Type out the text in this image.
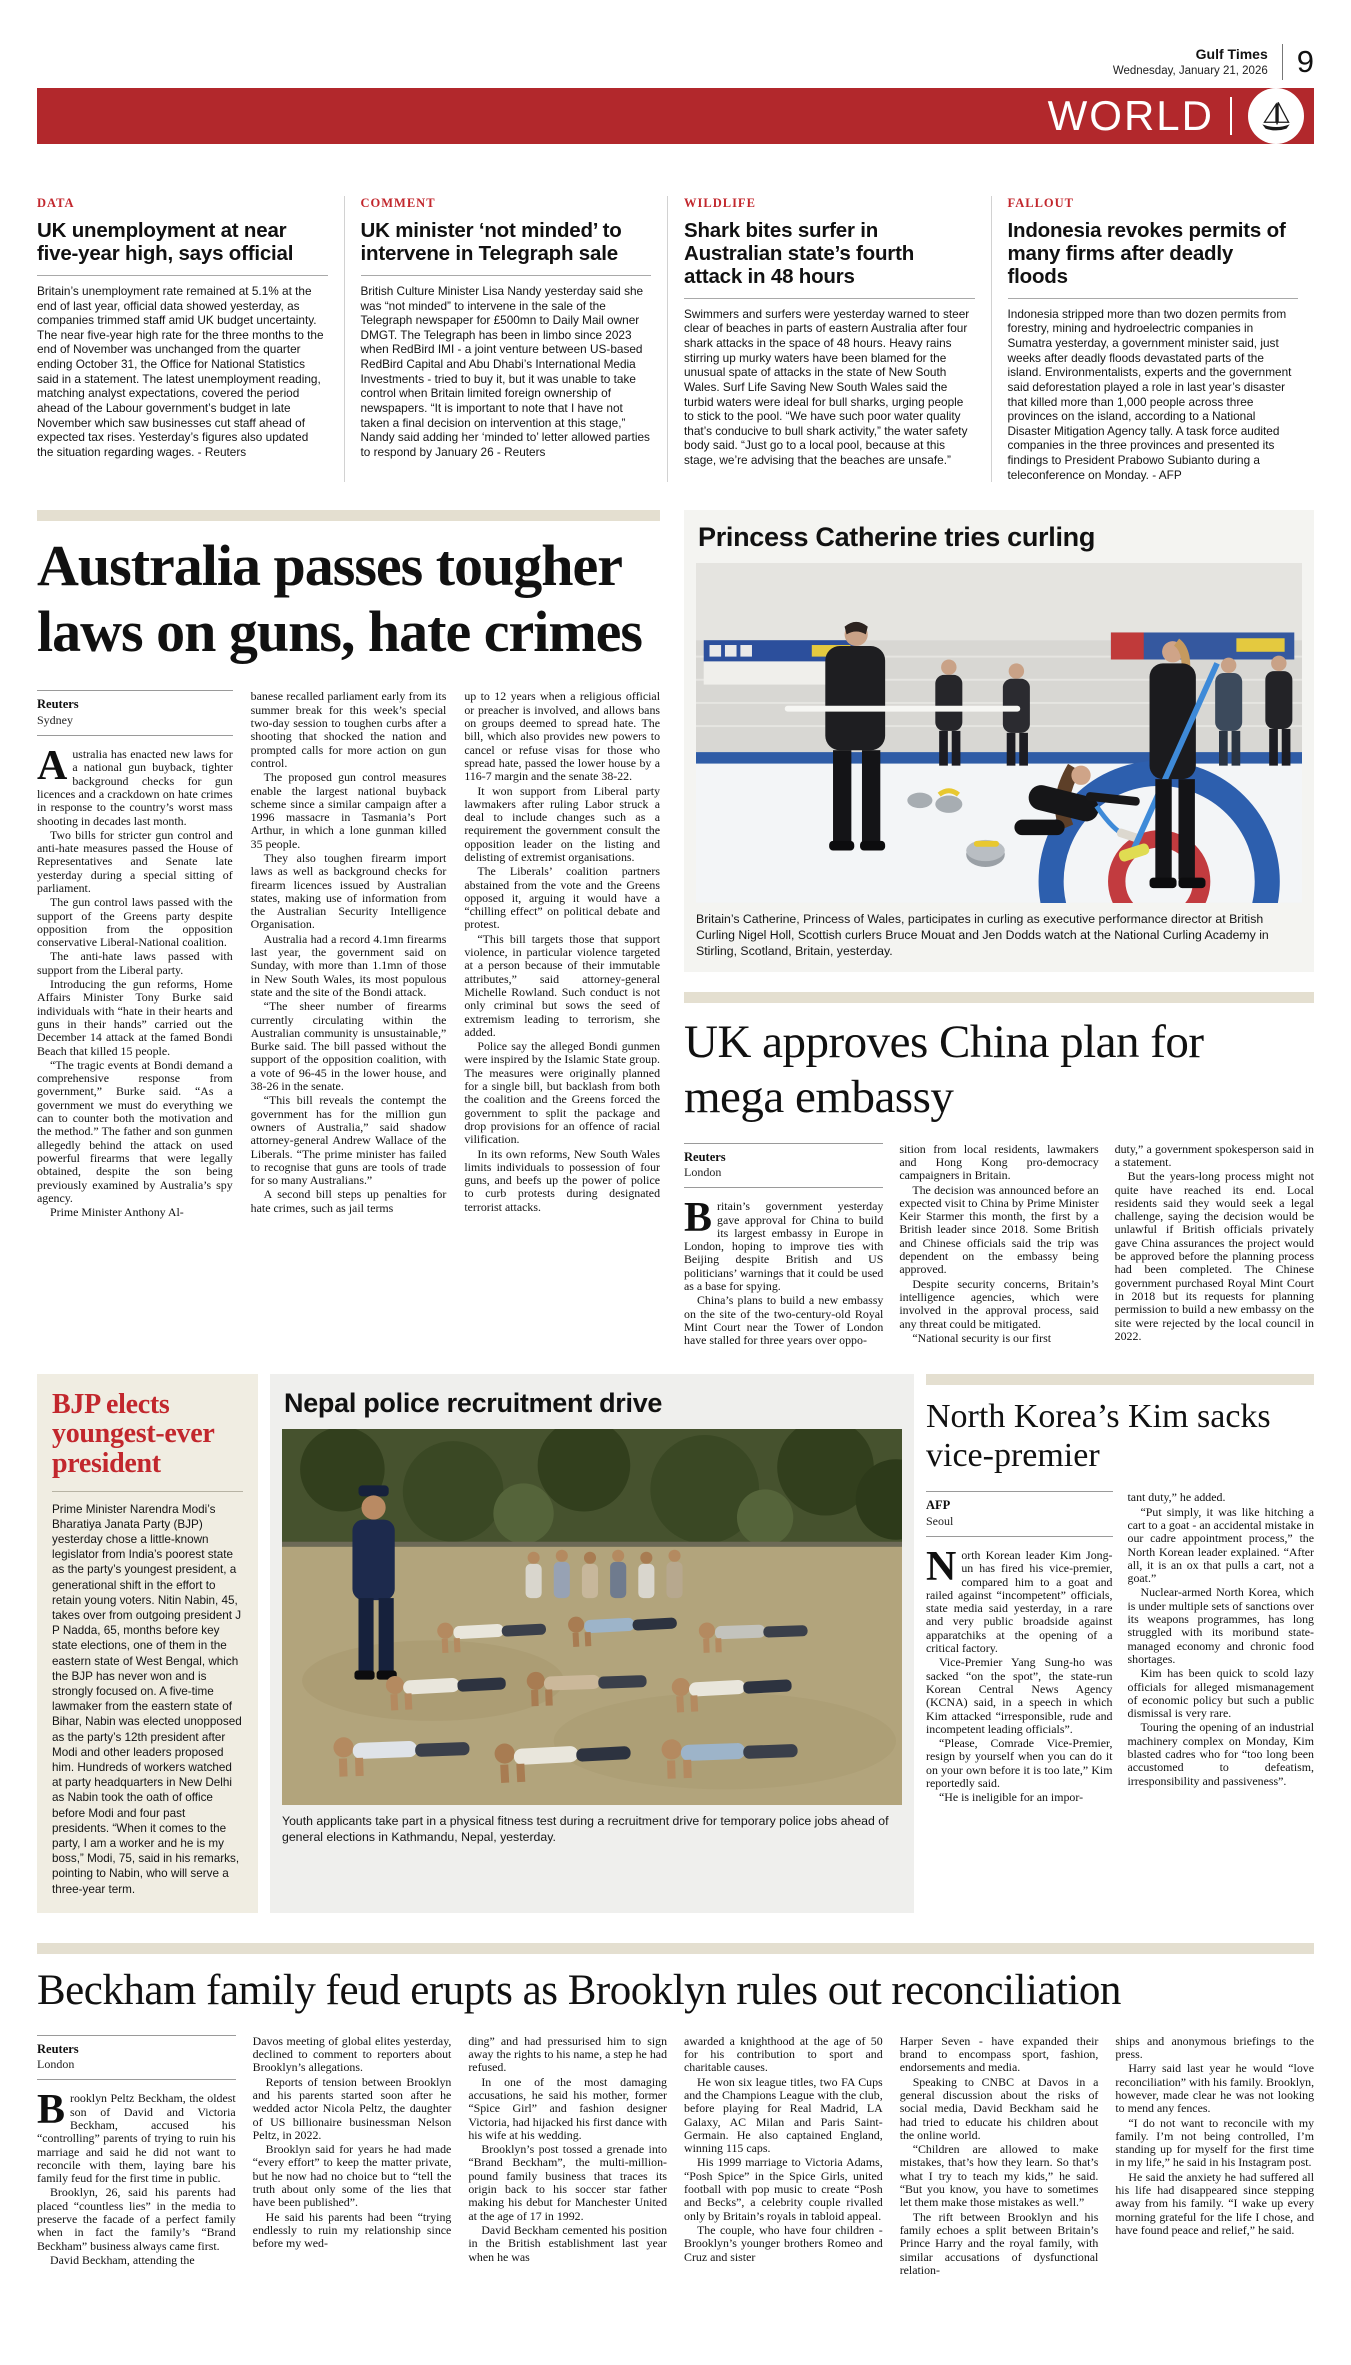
Gulf Times
Wednesday, January 21, 2026 9
WORLD
DATA
UK unemployment at near five-year high, says official
Britain’s unemployment rate remained at 5.1% at the end of last year, official data showed yesterday, as companies trimmed staff amid UK budget uncertainty. The near five-year high rate for the three months to the end of November was unchanged from the quarter ending October 31, the Office for National Statistics said in a statement. The latest unemployment reading, matching analyst expectations, covered the period ahead of the Labour government’s budget in late November which saw businesses cut staff ahead of expected tax rises. Yesterday’s figures also updated the situation regarding wages. - Reuters
COMMENT
UK minister ‘not minded’ to intervene in Telegraph sale
British Culture Minister Lisa Nandy yesterday said she was “not minded” to intervene in the sale of the Telegraph newspaper for £500mn to Daily Mail owner DMGT. The Telegraph has been in limbo since 2023 when RedBird IMI - a joint venture between US-based RedBird Capital and Abu Dhabi’s International Media Investments - tried to buy it, but it was unable to take control when Britain limited foreign ownership of newspapers. “It is important to note that I have not taken a final decision on intervention at this stage,” Nandy said adding her ‘minded to’ letter allowed parties to respond by January 26 - Reuters
WILDLIFE
Shark bites surfer in Australian state’s fourth attack in 48 hours
Swimmers and surfers were yesterday warned to steer clear of beaches in parts of eastern Australia after four shark attacks in the space of 48 hours. Heavy rains stirring up murky waters have been blamed for the unusual spate of attacks in the state of New South Wales. Surf Life Saving New South Wales said the turbid waters were ideal for bull sharks, urging people to stick to the pool. “We have such poor water quality that’s conducive to bull shark activity,” the water safety body said. “Just go to a local pool, because at this stage, we’re advising that the beaches are unsafe.”
FALLOUT
Indonesia revokes permits of many firms after deadly floods
Indonesia stripped more than two dozen permits from forestry, mining and hydroelectric companies in Sumatra yesterday, a government minister said, just weeks after deadly floods devastated parts of the island. Environmentalists, experts and the government said deforestation played a role in last year’s disaster that killed more than 1,000 people across three provinces on the island, according to a National Disaster Mitigation Agency tally. A task force audited companies in the three provinces and presented its findings to President Prabowo Subianto during a teleconference on Monday. - AFP
Australia passes tougher laws on guns, hate crimes
Reuters
Sydney

Australia has enacted new laws for a national gun buyback, tighter background checks for gun licences and a crackdown on hate crimes in response to the country’s worst mass shooting in decades last month.

Two bills for stricter gun control and anti-hate measures passed the House of Representatives and Senate late yesterday during a special sitting of parliament.

The gun control laws passed with the support of the Greens party despite opposition from the opposition conservative Liberal-National coalition.

The anti-hate laws passed with support from the Liberal party.

Introducing the gun reforms, Home Affairs Minister Tony Burke said individuals with “hate in their hearts and guns in their hands” carried out the December 14 attack at the famed Bondi Beach that killed 15 people.

“The tragic events at Bondi demand a comprehensive response from government,” Burke said. “As a government we must do everything we can to counter both the motivation and the method.” The father and son gunmen allegedly behind the attack on used powerful firearms that were legally obtained, despite the son being previously examined by Australia’s spy agency.

Prime Minister Anthony Al-

banese recalled parliament early from its summer break for this week’s special two-day session to toughen curbs after a shooting that shocked the nation and prompted calls for more action on gun control.

The proposed gun control measures enable the largest national buyback scheme since a similar campaign after a 1996 massacre in Tasmania’s Port Arthur, in which a lone gunman killed 35 people.

They also toughen firearm import laws as well as background checks for firearm licences issued by Australian states, making use of information from the Australian Security Intelligence Organisation.

Australia had a record 4.1mn firearms last year, the government said on Sunday, with more than 1.1mn of those in New South Wales, its most populous state and the site of the Bondi attack.

“The sheer number of firearms currently circulating within the Australian community is unsustainable,” Burke said. The bill passed without the support of the opposition coalition, with a vote of 96-45 in the lower house, and 38-26 in the senate.

“This bill reveals the contempt the government has for the million gun owners of Australia,” said shadow attorney-general Andrew Wallace of the Liberals. “The prime minister has failed to recognise that guns are tools of trade for so many Australians.”

A second bill steps up penalties for hate crimes, such as jail terms

up to 12 years when a religious official or preacher is involved, and allows bans on groups deemed to spread hate. The bill, which also provides new powers to cancel or refuse visas for those who spread hate, passed the lower house by a 116-7 margin and the senate 38-22.

It won support from Liberal party lawmakers after ruling Labor struck a deal to include changes such as a requirement the government consult the opposition leader on the listing and delisting of extremist organisations.

The Liberals’ coalition partners abstained from the vote and the Greens opposed it, arguing it would have a “chilling effect” on political debate and protest.

“This bill targets those that support violence, in particular violence targeted at a person because of their immutable attributes,” said attorney-general Michelle Rowland. Such conduct is not only criminal but sows the seed of extremism leading to terrorism, she added.

Police say the alleged Bondi gunmen were inspired by the Islamic State group. The measures were originally planned for a single bill, but backlash from both the coalition and the Greens forced the government to split the package and drop provisions for an offence of racial vilification.

In its own reforms, New South Wales limits individuals to possession of four guns, and beefs up the power of police to curb protests during designated terrorist attacks.

Princess Catherine tries curling
Britain’s Catherine, Princess of Wales, participates in curling as executive performance director at British Curling Nigel Holl, Scottish curlers Bruce Mouat and Jen Dodds watch at the National Curling Academy in Stirling, Scotland, Britain, yesterday.
UK approves China plan for mega embassy
Reuters
London

Britain’s government yesterday gave approval for China to build its largest embassy in Europe in London, hoping to improve ties with Beijing despite British and US politicians’ warnings that it could be used as a base for spying.

China’s plans to build a new embassy on the site of the two-century-old Royal Mint Court near the Tower of London have stalled for three years over oppo-

sition from local residents, lawmakers and Hong Kong pro-democracy campaigners in Britain.

The decision was announced before an expected visit to China by Prime Minister Keir Starmer this month, the first by a British leader since 2018. Some British and Chinese officials said the trip was dependent on the embassy being approved.

Despite security concerns, Britain’s intelligence agencies, which were involved in the approval process, said any threat could be mitigated.

“National security is our first

duty,” a government spokesperson said in a statement.

But the years-long process might not quite have reached its end. Local residents said they would seek a legal challenge, saying the decision would be unlawful if British officials privately gave China assurances the project would be approved before the planning process had been completed. The Chinese government purchased Royal Mint Court in 2018 but its requests for planning permission to build a new embassy on the site were rejected by the local council in 2022.

BJP elects youngest-ever president

Prime Minister Narendra Modi’s Bharatiya Janata Party (BJP) yesterday chose a little-known legislator from India’s poorest state as the party’s youngest president, a generational shift in the effort to retain young voters. Nitin Nabin, 45, takes over from outgoing president J P Nadda, 65, months before key state elections, one of them in the eastern state of West Bengal, which the BJP has never won and is strongly focused on. A five-time lawmaker from the eastern state of Bihar, Nabin was elected unopposed as the party’s 12th president after Modi and other leaders proposed him. Hundreds of workers watched at party headquarters in New Delhi as Nabin took the oath of office before Modi and four past presidents. “When it comes to the party, I am a worker and he is my boss,” Modi, 75, said in his remarks, pointing to Nabin, who will serve a three-year term.

Nepal police recruitment drive
Youth applicants take part in a physical fitness test during a recruitment drive for temporary police jobs ahead of general elections in Kathmandu, Nepal, yesterday.
North Korea’s Kim sacks vice-premier
AFP
Seoul

North Korean leader Kim Jong-un has fired his vice-premier, compared him to a goat and railed against “incompetent” officials, state media said yesterday, in a rare and very public broadside against apparatchiks at the opening of a critical factory.

Vice-Premier Yang Sung-ho was sacked “on the spot”, the state-run Korean Central News Agency (KCNA) said, in a speech in which Kim attacked “irresponsible, rude and incompetent leading officials”.

“Please, Comrade Vice-Premier, resign by yourself when you can do it on your own before it is too late,” Kim reportedly said.

“He is ineligible for an impor-

tant duty,” he added.

“Put simply, it was like hitching a cart to a goat - an accidental mistake in our cadre appointment process,” the North Korean leader explained. “After all, it is an ox that pulls a cart, not a goat.”

Nuclear-armed North Korea, which is under multiple sets of sanctions over its weapons programmes, has long struggled with its moribund state-managed economy and chronic food shortages.

Kim has been quick to scold lazy officials for alleged mismanagement of economic policy but such a public dismissal is very rare.

Touring the opening of an industrial machinery complex on Monday, Kim blasted cadres who for “too long been accustomed to defeatism, irresponsibility and passiveness”.

Beckham family feud erupts as Brooklyn rules out reconciliation
Reuters
London

Brooklyn Peltz Beckham, the oldest son of David and Victoria Beckham, accused his “controlling” parents of trying to ruin his marriage and said he did not want to reconcile with them, laying bare his family feud for the first time in public.

Brooklyn, 26, said his parents had placed “countless lies” in the media to preserve the facade of a perfect family when in fact the family’s “Brand Beckham” business always came first.

David Beckham, attending the

Davos meeting of global elites yesterday, declined to comment to reporters about Brooklyn’s allegations.

Reports of tension between Brooklyn and his parents started soon after he wedded actor Nicola Peltz, the daughter of US billionaire businessman Nelson Peltz, in 2022.

Brooklyn said for years he had made “every effort” to keep the matter private, but he now had no choice but to “tell the truth about only some of the lies that have been published”.

He said his parents had been “trying endlessly to ruin my relationship since before my wed-

ding” and had pressurised him to sign away the rights to his name, a step he had refused.

In one of the most damaging accusations, he said his mother, former “Spice Girl” and fashion designer Victoria, had hijacked his first dance with his wife at his wedding.

Brooklyn’s post tossed a grenade into “Brand Beckham”, the multi-million-pound family business that traces its origin back to his soccer star father making his debut for Manchester United at the age of 17 in 1992.

David Beckham cemented his position in the British establishment last year when he was

awarded a knighthood at the age of 50 for his contribution to sport and charitable causes.

He won six league titles, two FA Cups and the Champions League with the club, before playing for Real Madrid, LA Galaxy, AC Milan and Paris Saint-Germain. He also captained England, winning 115 caps.

His 1999 marriage to Victoria Adams, “Posh Spice” in the Spice Girls, united football with pop music to create “Posh and Becks”, a celebrity couple rivalled only by Britain’s royals in tabloid appeal.

The couple, who have four children - Brooklyn’s younger brothers Romeo and Cruz and sister

Harper Seven - have expanded their brand to encompass sport, fashion, endorsements and media.

Speaking to CNBC at Davos in a general discussion about the risks of social media, David Beckham said he had tried to educate his children about the online world.

“Children are allowed to make mistakes, that’s how they learn. So that’s what I try to teach my kids,” he said. “But you know, you have to sometimes let them make those mistakes as well.”

The rift between Brooklyn and his family echoes a split between Britain’s Prince Harry and the royal family, with similar accusations of dysfunctional relation-

ships and anonymous briefings to the press.

Harry said last year he would “love reconciliation” with his family. Brooklyn, however, made clear he was not looking to mend any fences.

“I do not want to reconcile with my family. I’m not being controlled, I’m standing up for myself for the first time in my life,” he said in his Instagram post.

He said the anxiety he had suffered all his life had disappeared since stepping away from his family. “I wake up every morning grateful for the life I chose, and have found peace and relief,” he said.
